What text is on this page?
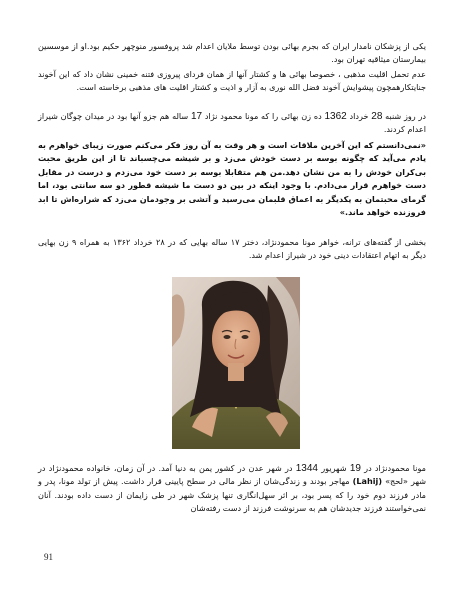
یکی از پزشکان نامدار ایران که بجرم بهائی بودن توسط ملایان اعدام شد پروفسور منوچهر حکیم بود.او از موسسین بیمارستان میثاقیه تهران بود.

عدم تحمل اقلیت مذهبی ، خصوصا بهائی ها و کشتار آنها از همان فردای پیروزی فتنه خمینی نشان داد که این آخوند جنایتکارهمچون پیشوایش آخوند فضل الله نوری به آزار و اذیت و کشتار اقلیت های مذهبی برخاسته است.

در روز شنبه 28 خرداد 1362 ده زن بهائی را که مونا محمود نژاد 17 ساله هم جزو آنها بود در میدان چوگان شیراز اعدام کردند.

«نمی‌دانستم که این آخرین ملاقات است و هر وقت به آن روز فکر می‌کنم صورت زیبای خواهرم به یادم می‌آید که چگونه بوسه بر دست خودش می‌زد و بر شیشه می‌چسباند تا از این طریق محبت بی‌کران خودش را به من نشان دهد.من هم متقابلا بوسه بر دست خود می‌زدم و درست در مقابل دست خواهرم قرار می‌دادم. با وجود اینکه در بین دو دست ما شیشه قطور دو سه سانتی بود، اما گرمای محبتمان به یکدیگر به اعماق قلبمان می‌رسید و آتشی بر وجودمان می‌زد که شراره‌اش تا ابد فروزنده خواهد ماند.»

بخشی از گفته‌های ترانه، خواهر مونا محمودنژاد، دختر ۱۷ ساله بهایی که در ۲۸ خرداد ۱۳۶۲ به همراه ٩ زن بهایی دیگر به اتهام اعتقادات دینی خود در شیراز اعدام شد.

مونا محمودنژاد در 19 شهریور 1344 در شهر عدن در کشور یمن به دنیا آمد. در آن زمان، خانواده محمودنژاد در شهر «لحج» (Lahij) مهاجر بودند و زندگی‌شان از نظر مالی در سطح پایینی قرار داشت. پیش از تولد مونا، پدر و مادر فرزند دوم خود را که پسر بود، بر اثر سهل‌انگاری تنها پزشک شهر در طی زایمان از دست داده بودند. آنان نمی‌خواستند فرزند جدیدشان هم به سرنوشت فرزند از دست رفته‌شان

91
